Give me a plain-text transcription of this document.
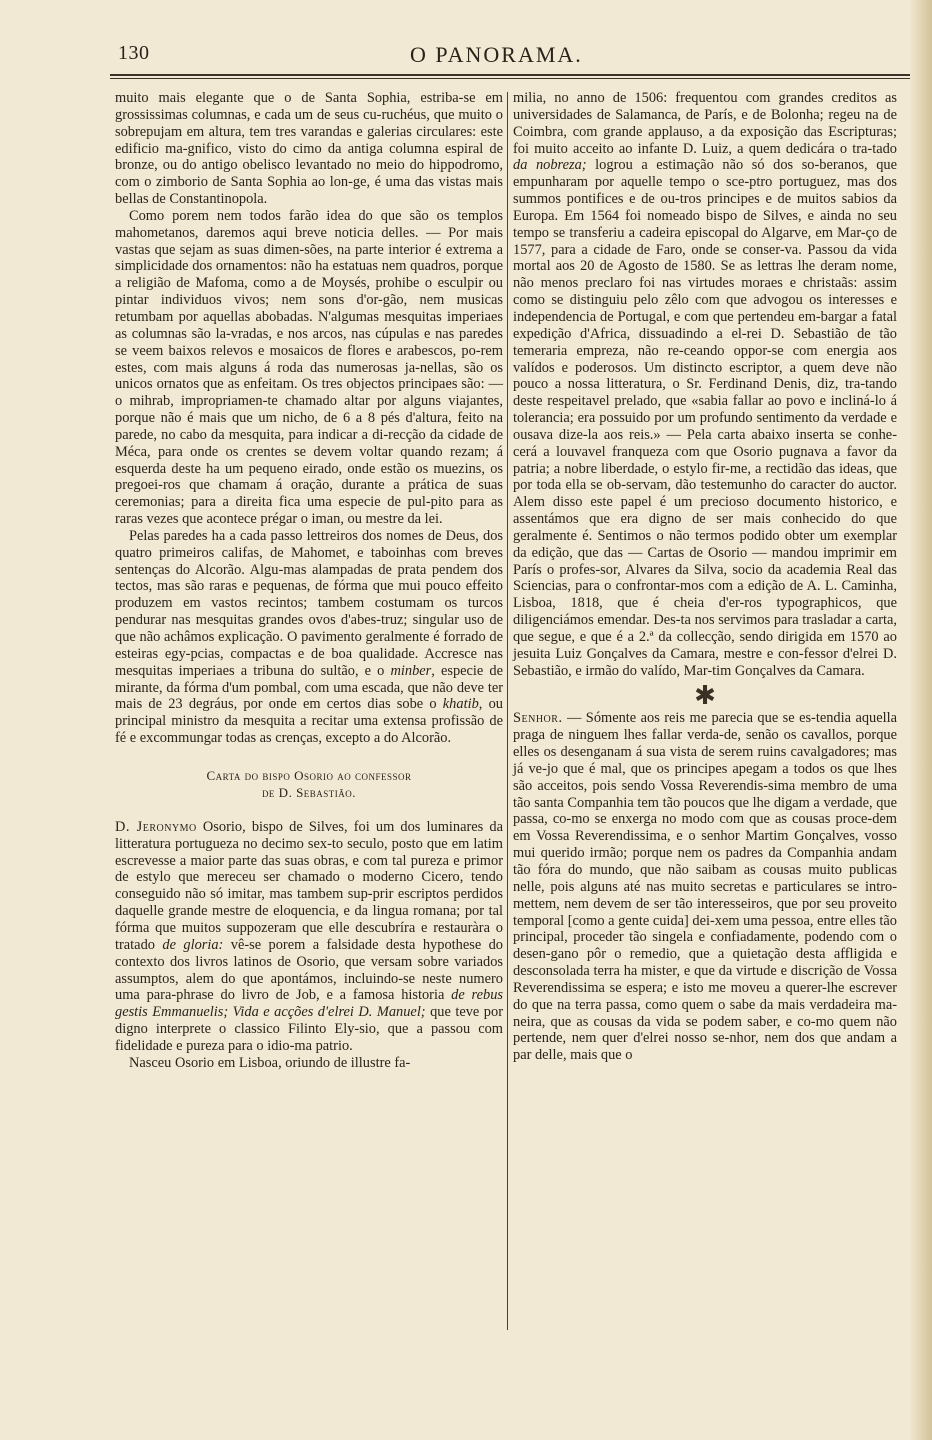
130	O PANORAMA.

muito mais elegante que o de Santa Sophia, estriba-se em grossissimas columnas, e cada um de seus cu-ruchéus, que muito o sobrepujam em altura, tem tres varandas e galerias circulares: este edificio ma-gnifico, visto do cimo da antiga columna espiral de bronze, ou do antigo obelisco levantado no meio do hippodromo, com o zimborio de Santa Sophia ao lon-ge, é uma das vistas mais bellas de Constantinopola.

Como porem nem todos farão idea do que são os templos mahometanos, daremos aqui breve noticia delles. — Por mais vastas que sejam as suas dimen-sões, na parte interior é extrema a simplicidade dos ornamentos: não ha estatuas nem quadros, porque a religião de Mafoma, como a de Moysés, prohibe o esculpir ou pintar individuos vivos; nem sons d'or-gão, nem musicas retumbam por aquellas abobadas. N'algumas mesquitas imperiaes as columnas são la-vradas, e nos arcos, nas cúpulas e nas paredes se veem baixos relevos e mosaicos de flores e arabescos, po-rem estes, com mais alguns á roda das numerosas ja-nellas, são os unicos ornatos que as enfeitam. Os tres objectos principaes são: — o mihrab, impropriamen-te chamado altar por alguns viajantes, porque não é mais que um nicho, de 6 a 8 pés d'altura, feito na parede, no cabo da mesquita, para indicar a di-recção da cidade de Méca, para onde os crentes se devem voltar quando rezam; á esquerda deste ha um pequeno eirado, onde estão os muezins, os pregoei-ros que chamam á oração, durante a prática de suas ceremonias; para a direita fica uma especie de pul-pito para as raras vezes que acontece prégar o iman, ou mestre da lei.

Pelas paredes ha a cada passo lettreiros dos nomes de Deus, dos quatro primeiros califas, de Mahomet, e taboinhas com breves sentenças do Alcorão. Algu-mas alampadas de prata pendem dos tectos, mas são raras e pequenas, de fórma que mui pouco effeito produzem em vastos recintos; tambem costumam os turcos pendurar nas mesquitas grandes ovos d'abes-truz; singular uso de que não achâmos explicação. O pavimento geralmente é forrado de esteiras egy-pcias, compactas e de boa qualidade. Accresce nas mesquitas imperiaes a tribuna do sultão, e o minber, especie de mirante, da fórma d'um pombal, com uma escada, que não deve ter mais de 23 degráus, por onde em certos dias sobe o khatib, ou principal ministro da mesquita a recitar uma extensa profissão de fé e excommungar todas as crenças, excepto a do Alcorão.

Carta do bispo Osorio ao confessor
de D. Sebastião.

D. Jeronymo Osorio, bispo de Silves, foi um dos luminares da litteratura portugueza no decimo sex-to seculo, posto que em latim escrevesse a maior parte das suas obras, e com tal pureza e primor de estylo que mereceu ser chamado o moderno Cicero, tendo conseguido não só imitar, mas tambem sup-prir escriptos perdidos daquelle grande mestre de eloquencia, e da lingua romana; por tal fórma que muitos suppozeram que elle descubríra e restauràra o tratado de gloria: vê-se porem a falsidade desta hypothese do contexto dos livros latinos de Osorio, que versam sobre variados assumptos, alem do que apontámos, incluindo-se neste numero uma para-phrase do livro de Job, e a famosa historia de rebus gestis Emmanuelis; Vida e acções d'elrei D. Manuel; que teve por digno interprete o classico Filinto Ely-sio, que a passou com fidelidade e pureza para o idio-ma patrio.

Nasceu Osorio em Lisboa, oriundo de illustre fa-

milia, no anno de 1506: frequentou com grandes creditos as universidades de Salamanca, de París, e de Bolonha; regeu na de Coimbra, com grande applauso, a da exposição das Escripturas; foi muito acceito ao infante D. Luiz, a quem dedicára o tra-tado da nobreza; logrou a estimação não só dos so-beranos, que empunharam por aquelle tempo o sce-ptro portuguez, mas dos summos pontifices e de ou-tros principes e de muitos sabios da Europa. Em 1564 foi nomeado bispo de Silves, e ainda no seu tempo se transferiu a cadeira episcopal do Algarve, em Mar-ço de 1577, para a cidade de Faro, onde se conser-va. Passou da vida mortal aos 20 de Agosto de 1580. Se as lettras lhe deram nome, não menos preclaro foi nas virtudes moraes e christaãs: assim como se distinguiu pelo zêlo com que advogou os interesses e independencia de Portugal, e com que pertendeu em-bargar a fatal expedição d'Africa, dissuadindo a el-rei D. Sebastião de tão temeraria empreza, não re-ceando oppor-se com energia aos valídos e poderosos. Um distincto escriptor, a quem deve não pouco a nossa litteratura, o Sr. Ferdinand Denis, diz, tra-tando deste respeitavel prelado, que «sabia fallar ao povo e incliná-lo á tolerancia; era possuido por um profundo sentimento da verdade e ousava dize-la aos reis.» — Pela carta abaixo inserta se conhe-cerá a louvavel franqueza com que Osorio pugnava a favor da patria; a nobre liberdade, o estylo fir-me, a rectidão das ideas, que por toda ella se ob-servam, dão testemunho do caracter do auctor. Alem disso este papel é um precioso documento historico, e assentámos que era digno de ser mais conhecido do que geralmente é. Sentimos o não termos podido obter um exemplar da edição, que das — Cartas de Osorio — mandou imprimir em París o profes-sor, Alvares da Silva, socio da academia Real das Sciencias, para o confrontar-mos com a edição de A. L. Caminha, Lisboa, 1818, que é cheia d'er-ros typographicos, que diligenciámos emendar. Des-ta nos servimos para trasladar a carta, que segue, e que é a 2.ª da collecção, sendo dirigida em 1570 ao jesuita Luiz Gonçalves da Camara, mestre e con-fessor d'elrei D. Sebastião, e irmão do valído, Mar-tim Gonçalves da Camara.

✱

Senhor. — Sómente aos reis me parecia que se es-tendia aquella praga de ninguem lhes fallar verda-de, senão os cavallos, porque elles os desenganam á sua vista de serem ruins cavalgadores; mas já ve-jo que é mal, que os principes apegam a todos os que lhes são acceitos, pois sendo Vossa Reverendis-sima membro de uma tão santa Companhia tem tão poucos que lhe digam a verdade, que passa, co-mo se enxerga no modo com que as cousas proce-dem em Vossa Reverendissima, e o senhor Martim Gonçalves, vosso mui querido irmão; porque nem os padres da Companhia andam tão fóra do mundo, que não saibam as cousas muito publicas nelle, pois alguns até nas muito secretas e particulares se intro-mettem, nem devem de ser tão interesseiros, que por seu proveito temporal [como a gente cuida] dei-xem uma pessoa, entre elles tão principal, proceder tão singela e confiadamente, podendo com o desen-gano pôr o remedio, que a quietação desta affligida e desconsolada terra ha mister, e que da virtude e discrição de Vossa Reverendissima se espera; e isto me moveu a querer-lhe escrever do que na terra passa, como quem o sabe da mais verdadeira ma-neira, que as cousas da vida se podem saber, e co-mo quem não pertende, nem quer d'elrei nosso se-nhor, nem dos que andam a par delle, mais que o
